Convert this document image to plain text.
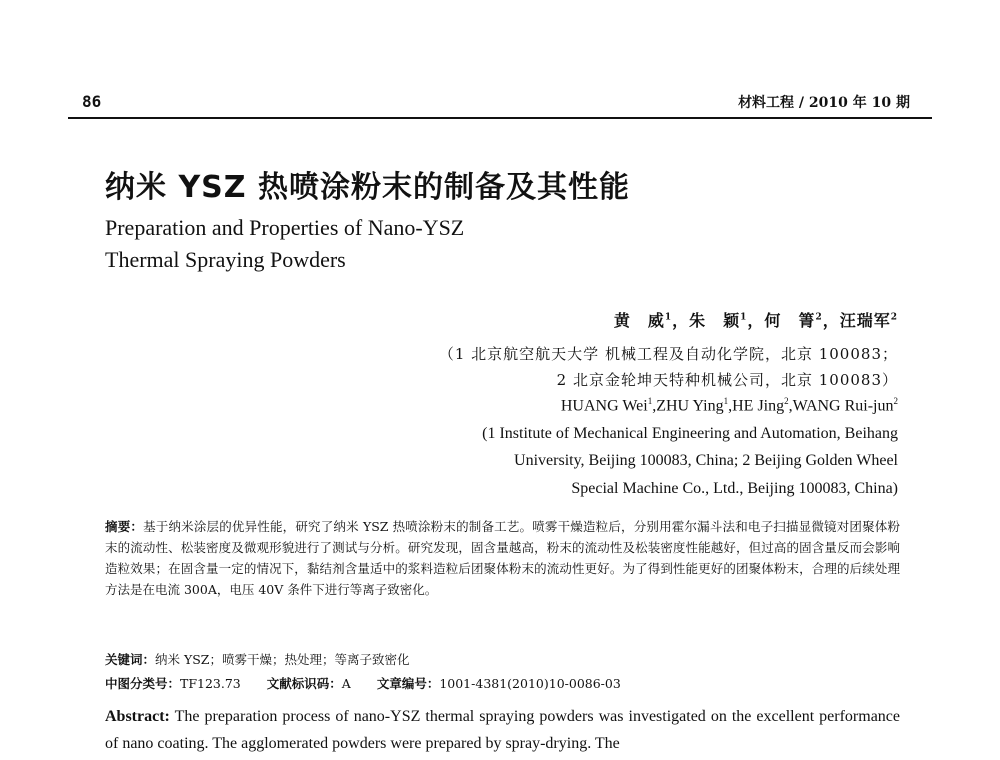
86	材料工程 / 2010 年 10 期
纳米 YSZ 热喷涂粉末的制备及其性能
Preparation and Properties of Nano-YSZ
Thermal Spraying Powders
黄　威$^1$，朱　颖$^1$，何　箐$^2$，汪瑞军$^2$
（1 北京航空航天大学 机械工程及自动化学院，北京 100083；
2 北京金轮坤天特种机械公司，北京 100083）
HUANG Wei$^1$,ZHU Ying$^1$,HE Jing$^2$,WANG Rui-jun$^2$
(1 Institute of Mechanical Engineering and Automation, Beihang
University, Beijing 100083, China; 2 Beijing Golden Wheel
Special Machine Co., Ltd., Beijing 100083, China)
摘要：基于纳米涂层的优异性能，研究了纳米 YSZ 热喷涂粉末的制备工艺。喷雾干燥造粒后，分别用霍尔漏斗法和电子扫描显微镜对团聚体粉末的流动性、松装密度及微观形貌进行了测试与分析。研究发现，固含量越高，粉末的流动性及松装密度性能越好，但过高的固含量反而会影响造粒效果；在固含量一定的情况下，黏结剂含量适中的浆料造粒后团聚体粉末的流动性更好。为了得到性能更好的团聚体粉末，合理的后续处理方法是在电流 300A，电压 40V 条件下进行等离子致密化。
关键词：纳米 YSZ；喷雾干燥；热处理；等离子致密化
中图分类号：TF123.73 文献标识码：A 文章编号：1001-4381(2010)10-0086-03
Abstract: The preparation process of nano-YSZ thermal spraying powders was investigated on the excellent performance of nano coating. The agglomerated powders were prepared by spray-drying. The
